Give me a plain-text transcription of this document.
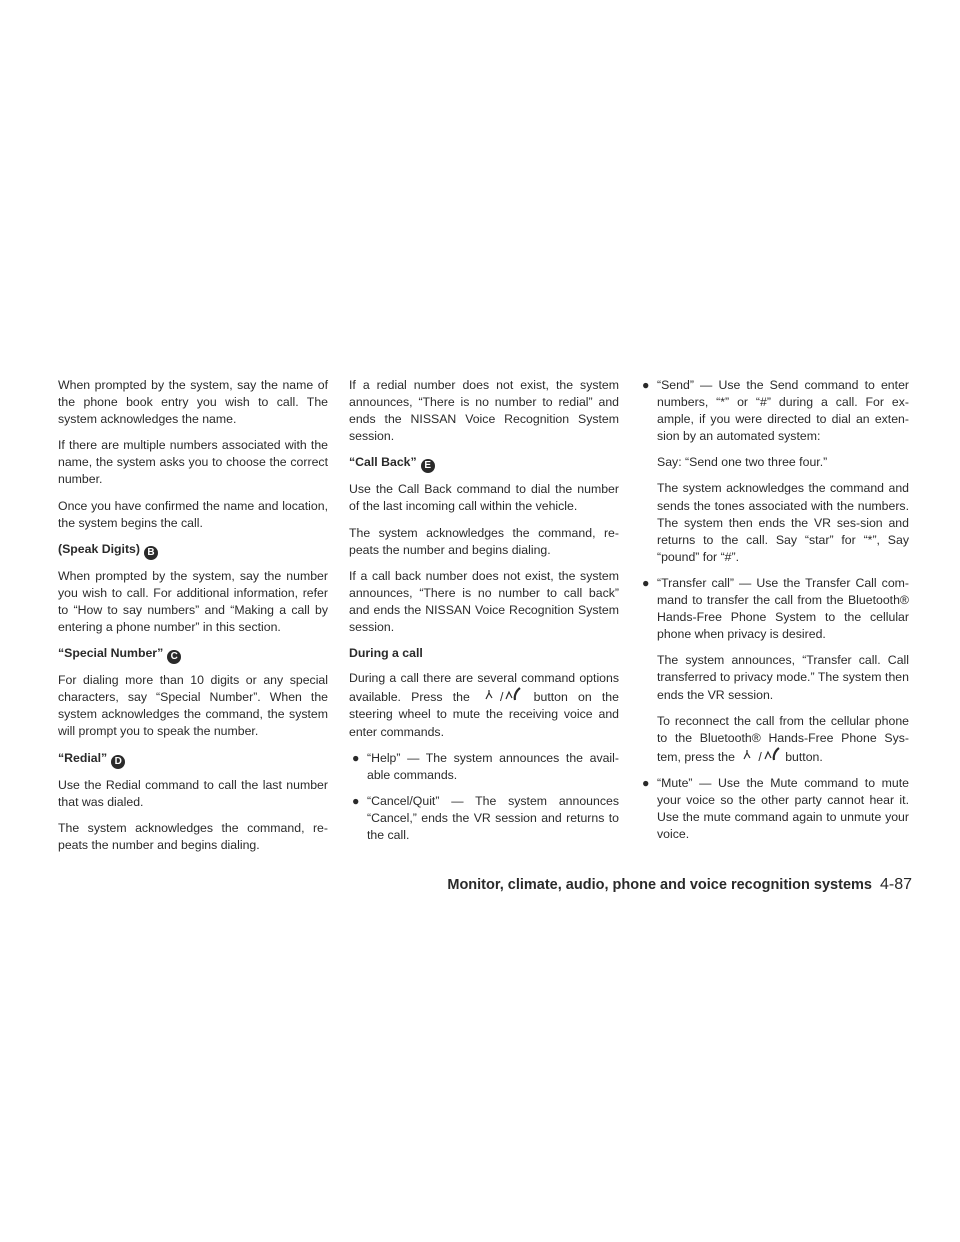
When prompted by the system, say the name of the phone book entry you wish to call. The system acknowledges the name.

If there are multiple numbers associated with the name, the system asks you to choose the correct number.

Once you have confirmed the name and location, the system begins the call.

(Speak Digits) B

When prompted by the system, say the number you wish to call. For additional information, refer to “How to say numbers” and “Making a call by entering a phone number” in this section.

“Special Number” C

For dialing more than 10 digits or any special characters, say “Special Number”. When the system acknowledges the command, the system will prompt you to speak the number.

“Redial” D

Use the Redial command to call the last number that was dialed.

The system acknowledges the command, re-peats the number and begins dialing.

If a redial number does not exist, the system announces, “There is no number to redial” and ends the NISSAN Voice Recognition System session.

“Call Back” E

Use the Call Back command to dial the number of the last incoming call within the vehicle.

The system acknowledges the command, re-peats the number and begins dialing.

If a call back number does not exist, the system announces, “There is no number to call back” and ends the NISSAN Voice Recognition System session.

During a call

During a call there are several command options available. Press the / button on the steering wheel to mute the receiving voice and enter commands.

● “Help” — The system announces the avail-able commands.
● “Cancel/Quit” — The system announces “Cancel,” ends the VR session and returns to the call.
● “Send” — Use the Send command to enter numbers, “*” or “#” during a call. For ex-ample, if you were directed to dial an exten-sion by an automated system:

Say: “Send one two three four.”

The system acknowledges the command and sends the tones associated with the numbers. The system then ends the VR ses-sion and returns to the call. Say “star” for “*”, Say “pound” for “#”.

● “Transfer call” — Use the Transfer Call com-mand to transfer the call from the Bluetooth® Hands-Free Phone System to the cellular phone when privacy is desired.

The system announces, “Transfer call. Call transferred to privacy mode.” The system then ends the VR session.

To reconnect the call from the cellular phone to the Bluetooth® Hands-Free Phone Sys-tem, press the / button.

● “Mute” — Use the Mute command to mute your voice so the other party cannot hear it. Use the mute command again to unmute your voice.
Monitor, climate, audio, phone and voice recognition systems 4-87
